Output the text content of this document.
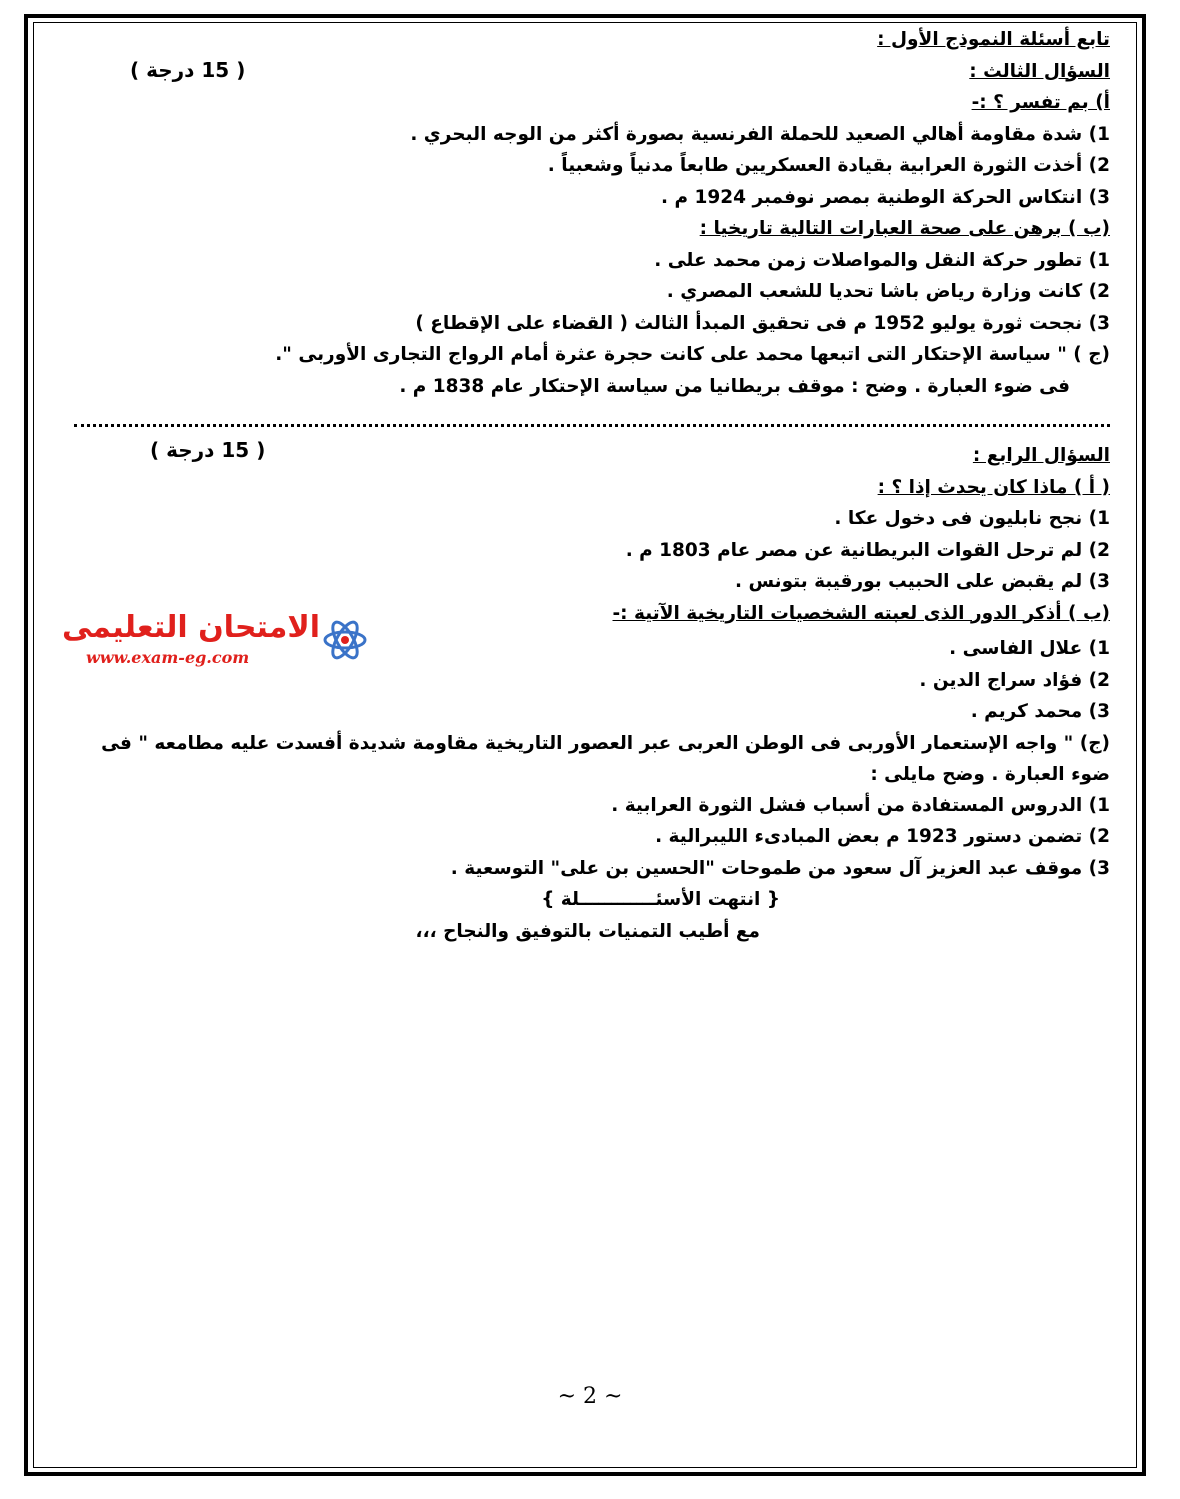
تابع أسئلة النموذج الأول :
السؤال الثالث :
أ) بم تفسر ؟ :-
1) شدة مقاومة أهالي الصعيد للحملة الفرنسية بصورة أكثر من الوجه البحري .
2) أخذت الثورة العرابية بقيادة العسكريين طابعاً مدنياً وشعبياً .
3) انتكاس الحركة الوطنية بمصر نوفمبر 1924 م .
(ب ) برهن على صحة العبارات التالية تاريخيا :
1) تطور حركة النقل والمواصلات زمن محمد على .
2) كانت وزارة رياض باشا تحديا للشعب المصري .
3) نجحت ثورة يوليو 1952 م فى تحقيق المبدأ الثالث ( القضاء على الإقطاع )
(ج ) " سياسة الإحتكار التى اتبعها محمد على كانت حجرة عثرة أمام الرواج التجارى الأوربى ".
فى ضوء العبارة . وضح : موقف بريطانيا من سياسة الإحتكار عام 1838 م .
السؤال الرابع :
( أ ) ماذا كان يحدث إذا ؟ :
1) نجح نابليون فى دخول عكا .
2) لم ترحل القوات البريطانية عن مصر عام 1803 م .
3) لم يقبض على الحبيب بورقيبة بتونس .
(ب ) أذكر الدور الذى لعبته الشخصيات التاريخية الآتية :-
1) علال الفاسى .
2) فؤاد سراج الدين .
3) محمد كريم .
(ج) " واجه الإستعمار الأوربى فى الوطن العربى عبر العصور التاريخية مقاومة شديدة أفسدت عليه مطامعه " فى ضوء العبارة . وضح مايلى :
1) الدروس المستفادة من أسباب فشل الثورة العرابية .
2) تضمن دستور 1923 م بعض المبادىء الليبرالية .
3) موقف عبد العزيز آل سعود من طموحات "الحسين بن على" التوسعية .
{ انتهت الأسئــــــــــــلة }
مع أطيب التمنيات بالتوفيق والنجاح ،،،
( 15 درجة )
( 15 درجة )
الامتحان التعليمى
www.exam-eg.com
~ 2 ~
